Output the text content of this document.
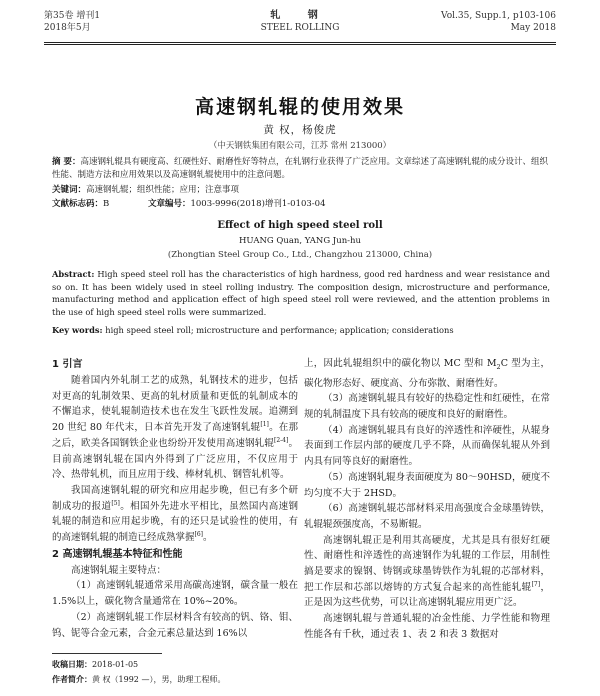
第35卷 增刊1
2018年5月
轧 钢
STEEL ROLLING
Vol.35, Supp.1, p103-106
May 2018
高速钢轧辊的使用效果
黄 权，杨俊虎
（中天钢铁集团有限公司，江苏 常州 213000）
摘 要：高速钢轧辊具有硬度高、红硬性好、耐磨性好等特点，在轧钢行业获得了广泛应用。文章综述了高速钢轧辊的成分设计、组织性能、制造方法和应用效果以及高速钢轧辊使用中的注意问题。
关键词：高速钢轧辊；组织性能；应用；注意事项
文献标志码：B	文章编号：1003-9996(2018)增刊1-0103-04
Effect of high speed steel roll
HUANG Quan, YANG Jun-hu
(Zhongtian Steel Group Co., Ltd., Changzhou 213000, China)
Abstract: High speed steel roll has the characteristics of high hardness, good red hardness and wear resistance and so on. It has been widely used in steel rolling industry. The composition design, microstructure and performance, manufacturing method and application effect of high speed steel roll were reviewed, and the attention problems in the use of high speed steel rolls were summarized.
Key words: high speed steel roll; microstructure and performance; application; considerations
1 引言

随着国内外轧制工艺的成熟，轧钢技术的进步，包括对更高的轧制效果、更高的轧材质量和更低的轧制成本的不懈追求，使轧辊制造技术也在发生飞跃性发展。追溯到 20 世纪 80 年代末，日本首先开发了高速钢轧辊[1]。在那之后，欧美各国钢铁企业也纷纷开发使用高速钢轧辊[2-4]。目前高速钢轧辊在国内外得到了广泛应用，不仅应用于冷、热带轧机，而且应用于线、棒材轧机、钢管轧机等。

我国高速钢轧辊的研究和应用起步晚，但已有多个研制成功的报道[5]。相国外先进水平相比，虽然国内高速钢轧辊的制造和应用起步晚，有的还只是试验性的使用，有的高速钢轧辊的制造已经成熟掌握[6]。

2 高速钢轧辊基本特征和性能

高速钢轧辊主要特点：

（1）高速钢轧辊通常采用高碳高速钢，碳含量一般在 1.5%以上，碳化物含量通常在 10%~20%。

（2）高速钢轧辊工作层材料含有较高的钒、铬、钼、钨、铌等合金元素，合金元素总量达到 16%以

上，因此轧辊组织中的碳化物以 MC 型和 $M_2C$ 型为主，碳化物形态好、硬度高、分布弥散、耐磨性好。

（3）高速钢轧辊具有较好的热稳定性和红硬性，在常规的轧制温度下具有较高的硬度和良好的耐磨性。

（4）高速钢轧辊具有良好的淬透性和淬硬性，从辊身表面到工作层内部的硬度几乎不降，从而确保轧辊从外到内具有同等良好的耐磨性。

（5）高速钢轧辊身表面硬度为 80～90HSD，硬度不均匀度不大于 2HSD。

（6）高速钢轧辊芯部材料采用高强度合金球墨铸铁，轧辊辊颈强度高，不易断辊。

高速钢轧辊正是利用其高硬度，尤其是具有很好红硬性、耐磨性和淬透性的高速钢作为轧辊的工作层，用制性搞是要求的镍钢、铸钢或球墨铸铁作为轧辊的芯部材料，把工作层和芯部以熔铸的方式复合起来的高性能轧辊[7]，正是因为这些优势，可以让高速钢轧辊应用更广泛。

高速钢轧辊与普通轧辊的冶金性能、力学性能和物理性能各有千秋，通过表 1、表 2 和表 3 数据对

收稿日期：2018-01-05
作者简介：黄 权（1992 —），男，助理工程师。
